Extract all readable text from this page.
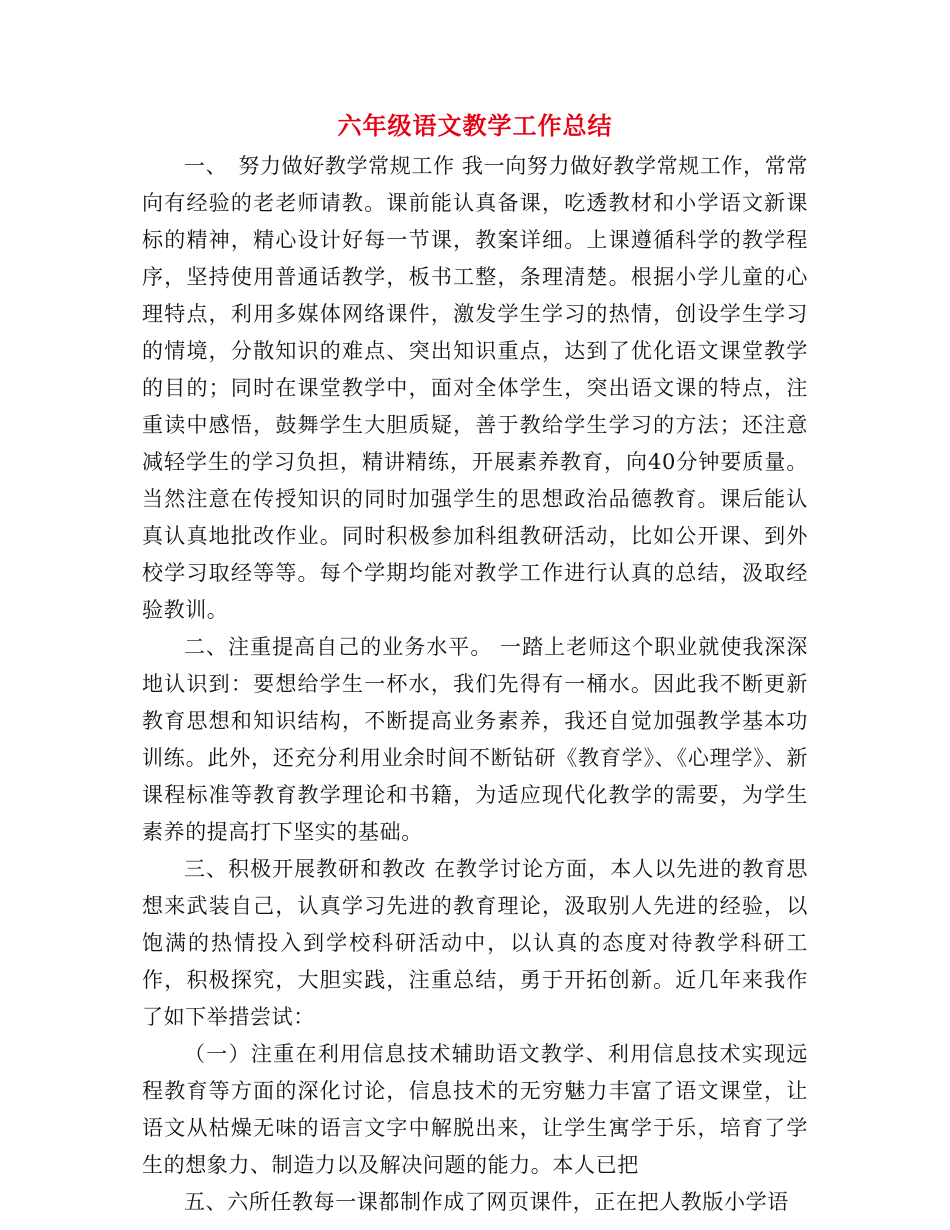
六年级语文教学工作总结

一、　努力做好教学常规工作 我一向努力做好教学常规工作，常常向有经验的老老师请教。课前能认真备课，吃透教材和小学语文新课标的精神，精心设计好每一节课，教案详细。上课遵循科学的教学程序，坚持使用普通话教学，板书工整，条理清楚。根据小学儿童的心理特点，利用多媒体网络课件，激发学生学习的热情，创设学生学习的情境，分散知识的难点、突出知识重点，达到了优化语文课堂教学的目的；同时在课堂教学中，面对全体学生，突出语文课的特点，注重读中感悟，鼓舞学生大胆质疑，善于教给学生学习的方法；还注意减轻学生的学习负担，精讲精练，开展素养教育，向40分钟要质量。当然注意在传授知识的同时加强学生的思想政治品德教育。课后能认真认真地批改作业。同时积极参加科组教研活动，比如公开课、到外校学习取经等等。每个学期均能对教学工作进行认真的总结，汲取经验教训。

二、注重提高自己的业务水平。 一踏上老师这个职业就使我深深地认识到：要想给学生一杯水，我们先得有一桶水。因此我不断更新教育思想和知识结构，不断提高业务素养，我还自觉加强教学基本功训练。此外，还充分利用业余时间不断钻研《教育学》、《心理学》、新课程标准等教育教学理论和书籍，为适应现代化教学的需要，为学生素养的提高打下坚实的基础。

三、积极开展教研和教改 在教学讨论方面，本人以先进的教育思想来武装自己，认真学习先进的教育理论，汲取别人先进的经验，以饱满的热情投入到学校科研活动中，以认真的态度对待教学科研工作，积极探究，大胆实践，注重总结，勇于开拓创新。近几年来我作了如下举措尝试：

（一）注重在利用信息技术辅助语文教学、利用信息技术实现远程教育等方面的深化讨论，信息技术的无穷魅力丰富了语文课堂，让语文从枯燥无味的语言文字中解脱出来，让学生寓学于乐，培育了学生的想象力、制造力以及解决问题的能力。本人已把

五、六所任教每一课都制作成了网页课件，正在把人教版小学语
